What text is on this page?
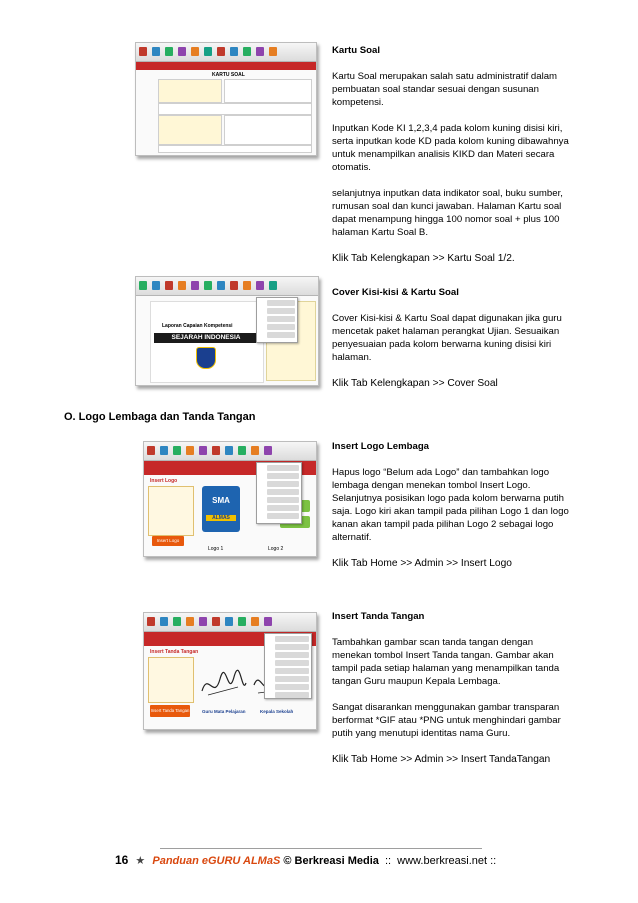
KARTU SOAL

Kartu Soal

Kartu Soal merupakan salah satu administratif dalam pembuatan soal standar sesuai dengan susunan kompetensi.

Inputkan Kode KI 1,2,3,4 pada kolom kuning disisi kiri, serta inputkan kode KD pada kolom kuning dibawahnya untuk menampilkan analisis KIKD dan Materi secara otomatis.

selanjutnya inputkan data indikator soal, buku sumber, rumusan soal dan kunci jawaban. Halaman Kartu soal dapat menampung hingga 100 nomor soal + plus 100 halaman Kartu Soal B.

Klik Tab Kelengkapan >> Kartu Soal 1/2.

Laporan Capaian Kompetensi
SEJARAH INDONESIA

Cover Kisi-kisi & Kartu Soal

Cover Kisi-kisi & Kartu Soal dapat digunakan jika guru mencetak paket halaman perangkat Ujian. Sesuaikan penyesuaian pada kolom berwarna kuning disisi kiri halaman.

Klik Tab Kelengkapan >> Cover Soal

O. Logo Lembaga dan Tanda Tangan
Insert Logo
Insert Logo
SMA
ALMAS
Logo 1	Logo 2

Insert Logo Lembaga

Hapus logo “Belum ada Logo” dan tambahkan logo lembaga dengan menekan tombol Insert Logo. Selanjutnya posisikan logo pada kolom berwarna putih saja. Logo kiri akan tampil pada pilihan Logo 1 dan logo kanan akan tampil pada pilihan Logo 2 sebagai logo alternatif.

Klik Tab Home >> Admin >> Insert Logo

Insert Tanda Tangan
Insert Tanda Tangan	Guru Mata Pelajaran	Kepala Sekolah

Insert Tanda Tangan

Tambahkan gambar scan tanda tangan dengan menekan tombol Insert Tanda tangan. Gambar akan tampil pada setiap halaman yang menampilkan tanda tangan Guru maupun Kepala Lembaga.

Sangat disarankan menggunakan gambar transparan berformat *GIF atau *PNG untuk menghindari gambar putih yang menutupi identitas nama Guru.

Klik Tab Home >> Admin >> Insert TandaTangan

16 ★ Panduan eGURU ALMaS © Berkreasi Media :: www.berkreasi.net ::
